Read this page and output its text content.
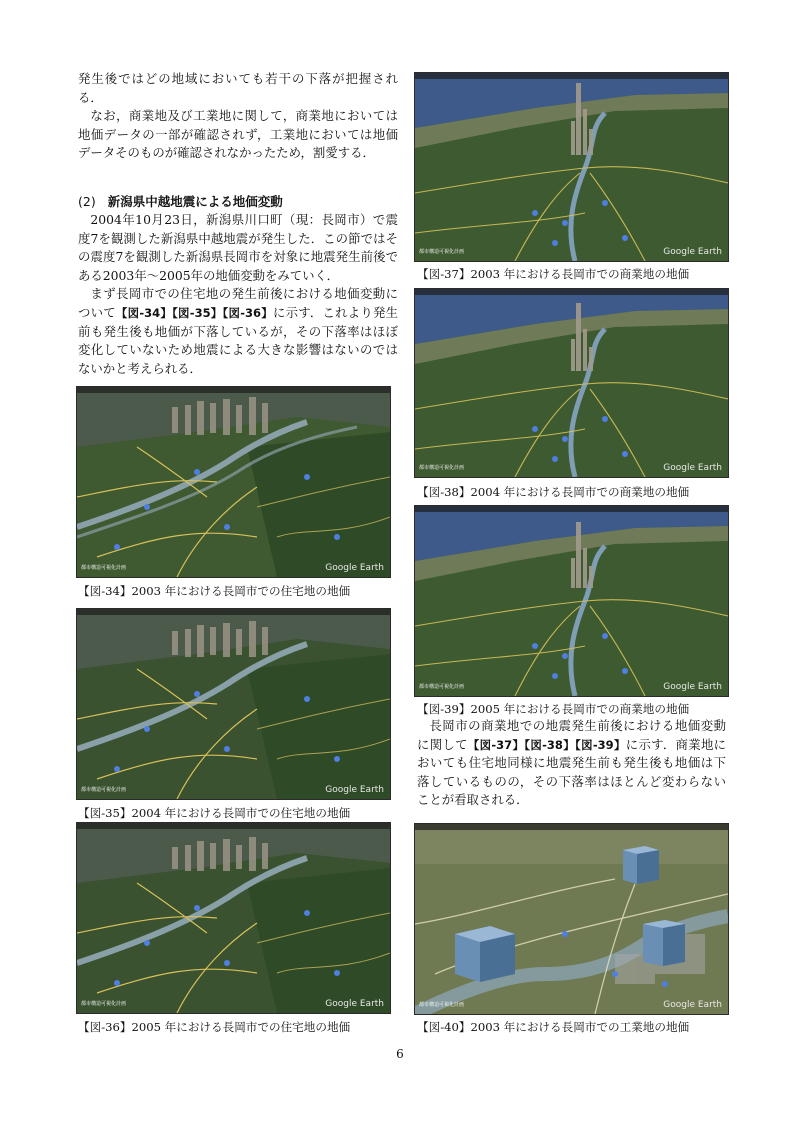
発生後ではどの地域においても若干の下落が把握される．

なお，商業地及び工業地に関して，商業地においては地価データの一部が確認されず，工業地においては地価データそのものが確認されなかったため，割愛する．

(2) 新潟県中越地震による地価変動

2004年10月23日，新潟県川口町（現：長岡市）で震度7を観測した新潟県中越地震が発生した．この節ではその震度7を観測した新潟県長岡市を対象に地震発生前後である2003年～2005年の地価変動をみていく．

まず長岡市での住宅地の発生前後における地価変動について【図-34】【図-35】【図-36】に示す．これより発生前も発生後も地価が下落しているが，その下落率はほぼ変化していないため地震による大きな影響はないのではないかと考えられる．

都市構造可視化計画	Google Earth
【図-34】2003 年における長岡市での住宅地の地価
都市構造可視化計画	Google Earth
【図-35】2004 年における長岡市での住宅地の地価
都市構造可視化計画	Google Earth
【図-36】2005 年における長岡市での住宅地の地価
都市構造可視化計画	Google Earth
【図-37】2003 年における長岡市での商業地の地価
都市構造可視化計画	Google Earth
【図-38】2004 年における長岡市での商業地の地価
都市構造可視化計画	Google Earth
【図-39】2005 年における長岡市での商業地の地価

長岡市の商業地での地震発生前後における地価変動に関して【図-37】【図-38】【図-39】に示す．商業地においても住宅地同様に地震発生前も発生後も地価は下落しているものの，その下落率はほとんど変わらないことが看取される．

都市構造可視化計画	Google Earth
【図-40】2003 年における長岡市での工業地の地価
6
